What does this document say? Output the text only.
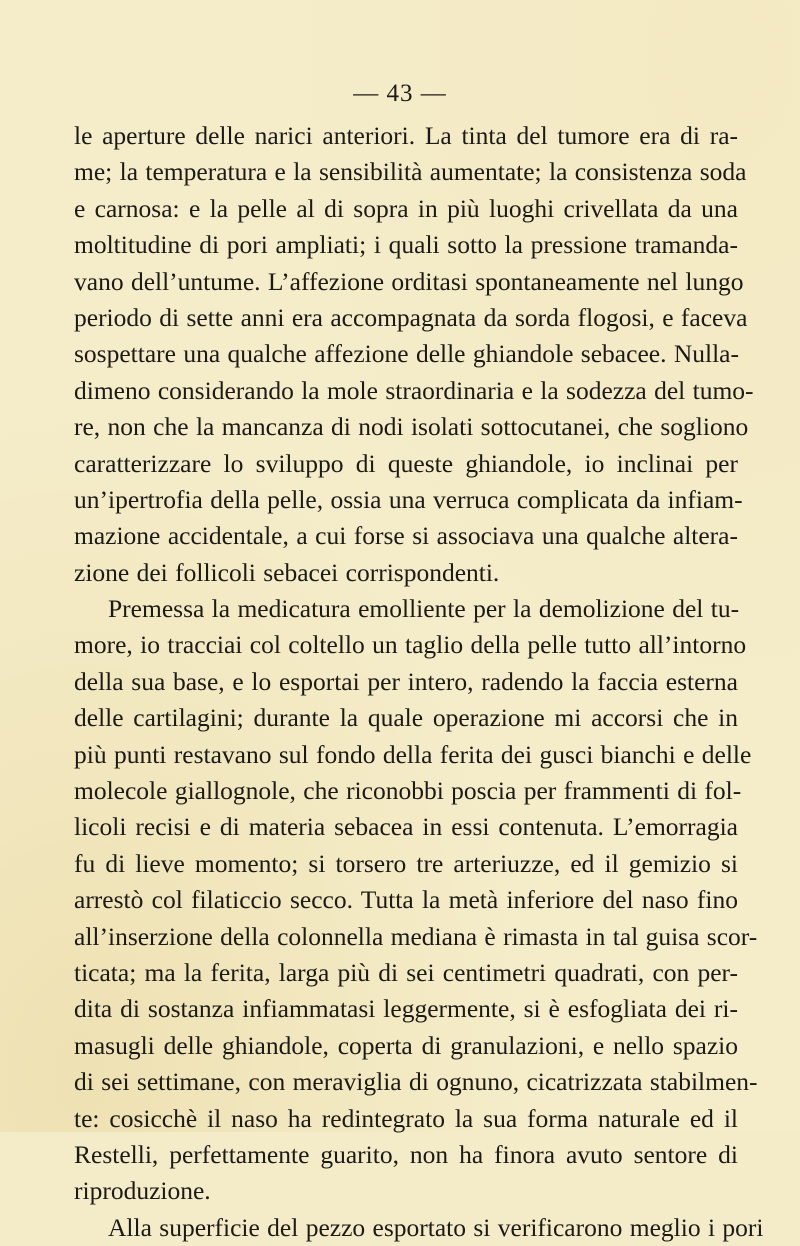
— 43 —
le aperture delle narici anteriori. La tinta del tumore era di ra-
me; la temperatura e la sensibilità aumentate; la consistenza soda
e carnosa: e la pelle al di sopra in più luoghi crivellata da una
moltitudine di pori ampliati; i quali sotto la pressione tramanda-
vano dell’untume. L’affezione orditasi spontaneamente nel lungo
periodo di sette anni era accompagnata da sorda flogosi, e faceva
sospettare una qualche affezione delle ghiandole sebacee. Nulla-
dimeno considerando la mole straordinaria e la sodezza del tumo-
re, non che la mancanza di nodi isolati sottocutanei, che sogliono
caratterizzare lo sviluppo di queste ghiandole, io inclinai per
un’ipertrofia della pelle, ossia una verruca complicata da infiam-
mazione accidentale, a cui forse si associava una qualche altera-
zione dei follicoli sebacei corrispondenti.
Premessa la medicatura emolliente per la demolizione del tu-
more, io tracciai col coltello un taglio della pelle tutto all’intorno
della sua base, e lo esportai per intero, radendo la faccia esterna
delle cartilagini; durante la quale operazione mi accorsi che in
più punti restavano sul fondo della ferita dei gusci bianchi e delle
molecole giallognole, che riconobbi poscia per frammenti di fol-
licoli recisi e di materia sebacea in essi contenuta. L’emorragia
fu di lieve momento; si torsero tre arteriuzze, ed il gemizio si
arrestò col filaticcio secco. Tutta la metà inferiore del naso fino
all’inserzione della colonnella mediana è rimasta in tal guisa scor-
ticata; ma la ferita, larga più di sei centimetri quadrati, con per-
dita di sostanza infiammatasi leggermente, si è esfogliata dei ri-
masugli delle ghiandole, coperta di granulazioni, e nello spazio
di sei settimane, con meraviglia di ognuno, cicatrizzata stabilmen-
te: cosicchè il naso ha redintegrato la sua forma naturale ed il
Restelli, perfettamente guarito, non ha finora avuto sentore di
riproduzione.
Alla superficie del pezzo esportato si verificarono meglio i pori
